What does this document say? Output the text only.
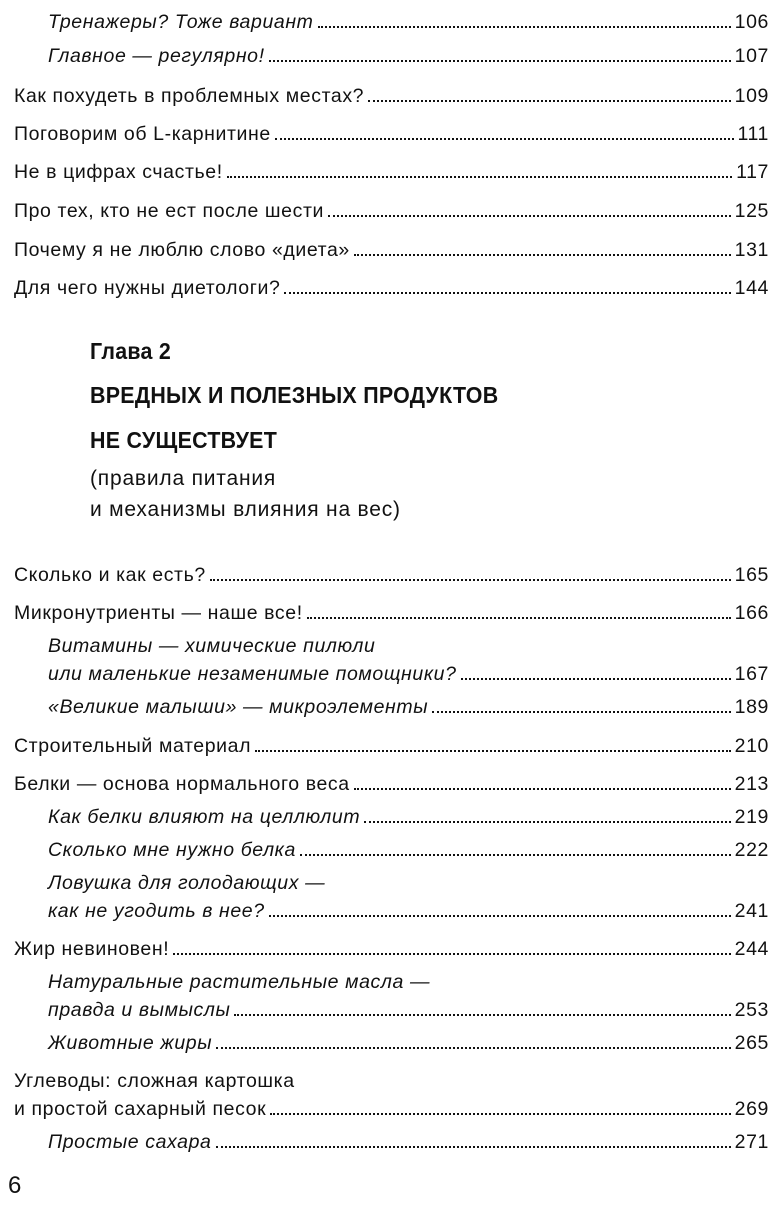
Тренажеры? Тоже вариант	106
Главное — регулярно!	107
Как похудеть в проблемных местах?	109
Поговорим об L-карнитине	111
Не в цифрах счастье!	117
Про тех, кто не ест после шести	125
Почему я не люблю слово «диета»	131
Для чего нужны диетологи?	144
Глава 2
ВРЕДНЫХ И ПОЛЕЗНЫХ ПРОДУКТОВ
НЕ СУЩЕСТВУЕТ
(правила питания
и механизмы влияния на вес)
Сколько и как есть?	165
Микронутриенты — наше все!	166
Витамины — химические пилюли
или маленькие незаменимые помощники?	167
«Великие малыши» — микроэлементы	189
Строительный материал	210
Белки — основа нормального веса	213
Как белки влияют на целлюлит	219
Сколько мне нужно белка	222
Ловушка для голодающих —
как не угодить в нее?	241
Жир невиновен!	244
Натуральные растительные масла —
правда и вымыслы	253
Животные жиры	265
Углеводы: сложная картошка
и простой сахарный песок	269
Простые сахара	271
6
